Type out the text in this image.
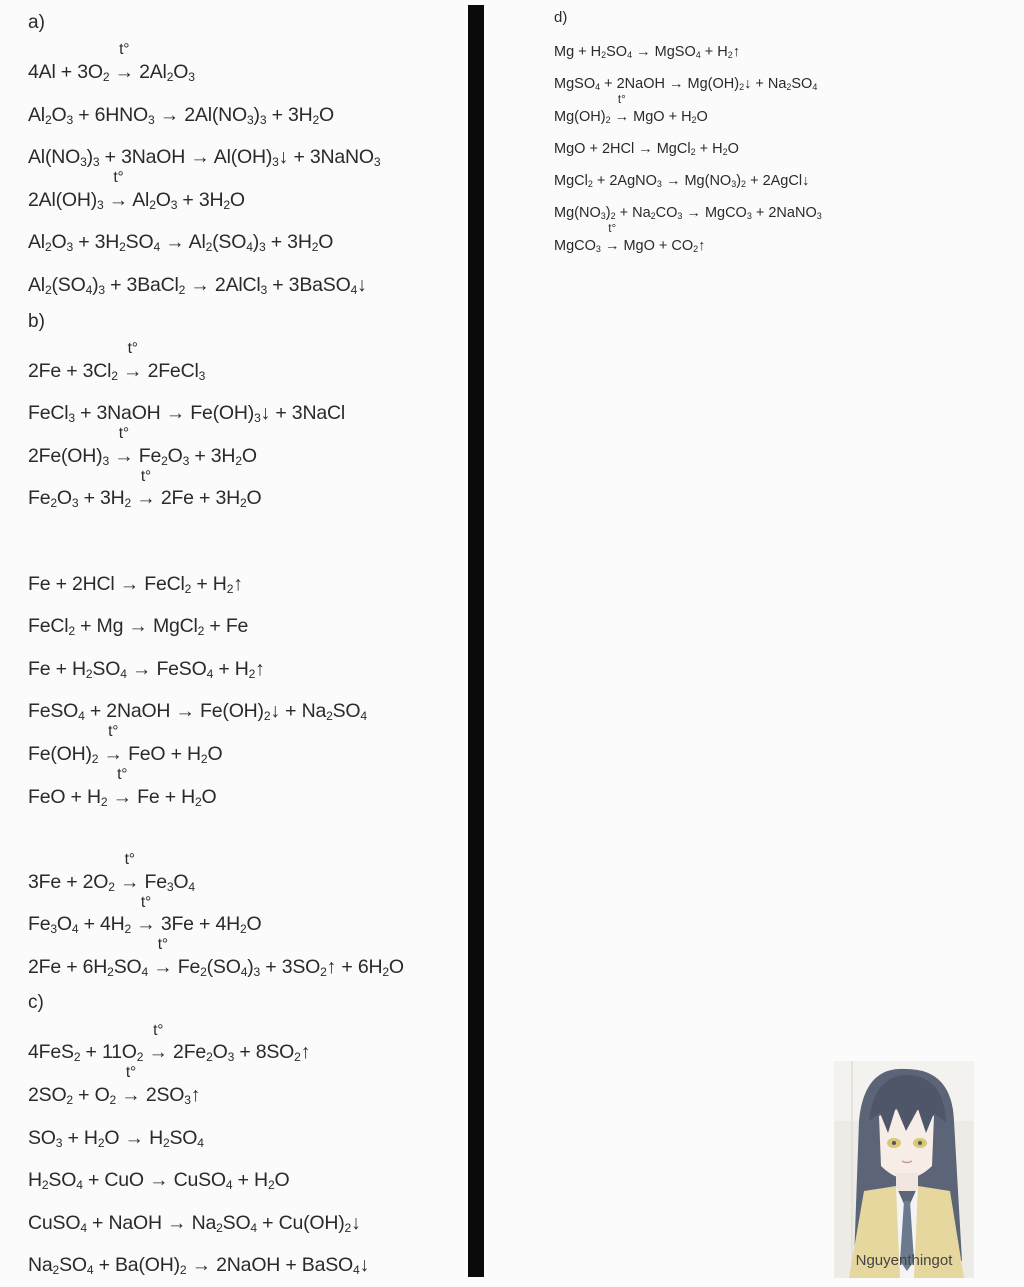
a)
$4Al + 3O_2$
t°
→ $2Al_2O_3$
$Al_2O_3 + 6HNO_3 \to 2Al(NO_3)_3 + 3H_2O$
$Al(NO_3)_3$ + 3NaOH → $Al(OH)_3↓$ + 3NaNO$_3$
$2Al(OH)_3$
t°
→ $Al_2O_3 + 3H_2O$
$Al_2O_3 + 3H_2SO_4 \to Al_2(SO_4)_3 + 3H_2O$
$Al_2(SO_4)_3$ + 3BaCl$_2$ → 2AlCl$_3$ + 3BaSO$_4$↓
b)
$2Fe + 3Cl_2$
t°
→ 2FeCl$_3$
FeCl$_3$ + 3NaOH → $Fe(OH)_3↓$ + 3NaCl
$2Fe(OH)_3$
t°
→ $Fe_2O_3 + 3H_2O$
$Fe_2O_3 + 3H_2$
t°
→ $2Fe + 3H_2O$
Fe + 2HCl → FeCl$_2$ + $H_2↑$
FeCl$_2$ + Mg → MgCl$_2$ + Fe
$Fe + H_2SO_4$ → FeSO$_4$ + $H_2↑$
FeSO$_4$ + 2NaOH → $Fe(OH)_2↓ + Na_2SO_4$
$Fe(OH)_2$
t°
→ FeO + $H_2O$
FeO + $H_2$
t°
→ $Fe + H_2O$
$3Fe + 2O_2$
t°
→ $Fe_3O_4$
$Fe_3O_4 + 4H_2$
t°
→ $3Fe + 4H_2O$
$2Fe + 6H_2SO_4$
t°
→ $Fe_2(SO_4)_3$ + $3SO_2↑ + 6H_2O$
c)
$4FeS_2 + 11O_2$
t°
→ $2Fe_2O_3$ + $8SO_2↑$
$2SO_2 + O_2$
t°
→ $2SO_3↑$
$SO_3 + H_2O \to H_2SO_4$
$H_2SO_4$ + CuO → CuSO$_4$ + $H_2O$
CuSO$_4$ + NaOH → $Na_2SO_4$ + $Cu(OH)_2↓$
$Na_2SO_4 + Ba(OH)_2$ → 2NaOH + BaSO$_4$↓
d)
$Mg + H_2SO_4$ → MgSO$_4$ + $H_2↑$
MgSO$_4$ + 2NaOH → $Mg(OH)_2↓ + Na_2SO_4$
$Mg(OH)_2$
t°
→ MgO + $H_2O$
MgO + 2HCl → MgCl$_2$ + $H_2O$
MgCl$_2$ + 2AgNO$_3$ → $Mg(NO_3)_2$ + 2AgCl↓
$Mg(NO_3)_2 + Na_2CO_3$ → MgCO$_3$ + 2NaNO$_3$
MgCO$_3$
t°
→ MgO + $CO_2↑$
Nguyenthingot
